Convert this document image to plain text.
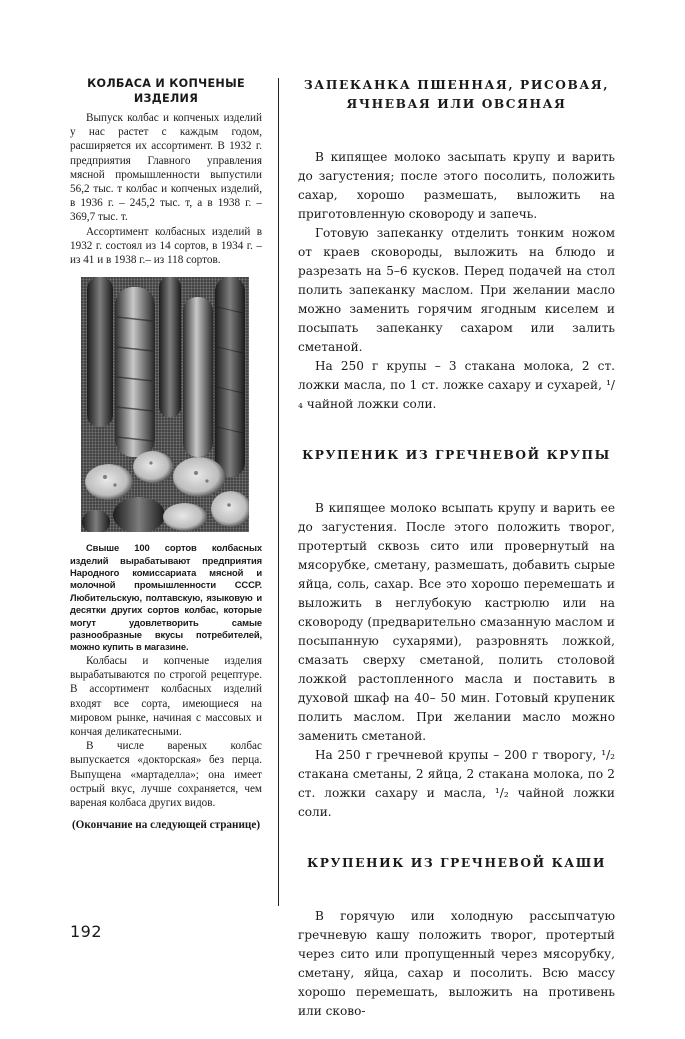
КОЛБАСА И КОПЧЕНЫЕ ИЗДЕЛИЯ

Выпуск колбас и копченых изделий у нас растет с каждым годом, расширяется их ассортимент. В 1932 г. предприятия Главного управления мясной промышленности выпустили 56,2 тыс. т колбас и копченых изделий, в 1936 г. – 245,2 тыс. т, а в 1938 г. – 369,7 тыс. т.

Ассортимент колбасных изделий в 1932 г. состоял из 14 сортов, в 1934 г. – из 41 и в 1938 г.– из 118 сортов.

Свыше 100 сортов колбасных изделий вырабатывают предприятия Народного комиссариата мясной и молочной промышленности СССР. Любительскую, полтавскую, языковую и десятки других сортов колбас, которые могут удовлетворить самые разнообразные вкусы потребителей, можно купить в магазине.

Колбасы и копченые изделия вырабатываются по строгой рецептуре. В ассортимент колбасных изделий входят все сорта, имеющиеся на мировом рынке, начиная с массовых и кончая деликатесными.

В числе вареных колбас выпускается «докторская» без перца. Выпущена «мартаделла»; она имеет острый вкус, лучше сохраняется, чем вареная колбаса других видов.

(Окончание на следующей странице)

ЗАПЕКАНКА ПШЕННАЯ, РИСОВАЯ, ЯЧНЕВАЯ ИЛИ ОВСЯНАЯ

В кипящее молоко засыпать крупу и варить до загустения; после этого посолить, положить сахар, хорошо размешать, выложить на приготовленную сковороду и запечь.

Готовую запеканку отделить тонким ножом от краев сковороды, выложить на блюдо и разрезать на 5–6 кусков. Перед подачей на стол полить запеканку маслом. При желании масло можно заменить горячим ягодным киселем и посыпать запеканку сахаром или залить сметаной.

На 250 г крупы – 3 стакана молока, 2 ст. ложки масла, по 1 ст. ложке сахару и сухарей, ¹/₄ чайной ложки соли.

КРУПЕНИК ИЗ ГРЕЧНЕВОЙ КРУПЫ

В кипящее молоко всыпать крупу и варить ее до загустения. После этого положить творог, протертый сквозь сито или провернутый на мясорубке, сметану, размешать, добавить сырые яйца, соль, сахар. Все это хорошо перемешать и выложить в неглубокую кастрюлю или на сковороду (предварительно смазанную маслом и посыпанную сухарями), разровнять ложкой, смазать сверху сметаной, полить столовой ложкой растопленного масла и поставить в духовой шкаф на 40– 50 мин. Готовый крупеник полить маслом. При желании масло можно заменить сметаной.

На 250 г гречневой крупы – 200 г творогу, ¹/₂ стакана сметаны, 2 яйца, 2 стакана молока, по 2 ст. ложки сахару и масла, ¹/₂ чайной ложки соли.

КРУПЕНИК ИЗ ГРЕЧНЕВОЙ КАШИ

В горячую или холодную рассыпчатую гречневую кашу положить творог, протертый через сито или пропущенный через мясорубку, сметану, яйца, сахар и посолить. Всю массу хорошо перемешать, выложить на противень или сково-

192
